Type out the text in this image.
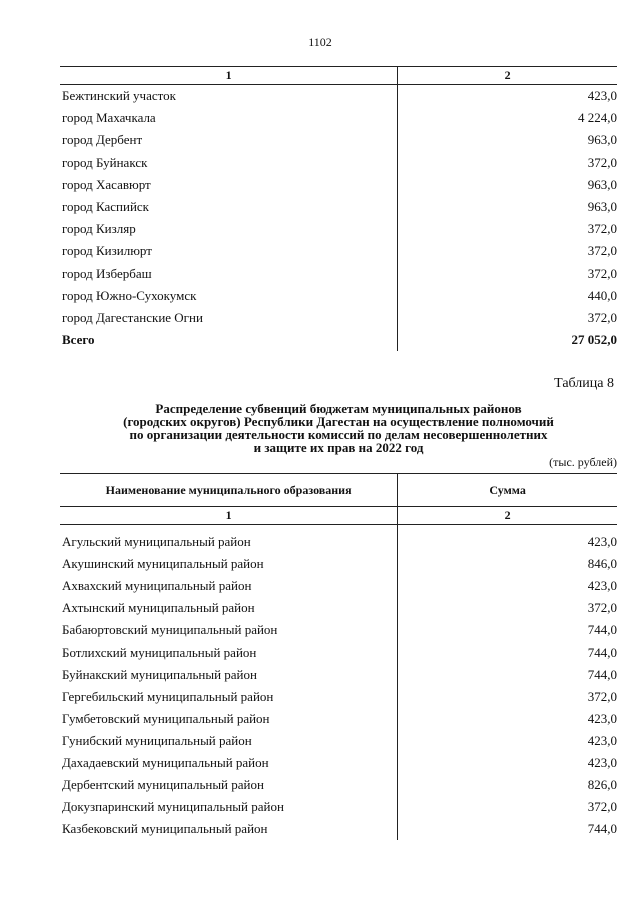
1102
1	2
Бежтинский участок	423,0
город Махачкала	4 224,0
город Дербент	963,0
город Буйнакск	372,0
город Хасавюрт	963,0
город Каспийск	963,0
город Кизляр	372,0
город Кизилюрт	372,0
город Избербаш	372,0
город Южно-Сухокумск	440,0
город Дагестанские Огни	372,0
Всего	27 052,0
Таблица 8
Распределение субвенций бюджетам муниципальных районов
(городских округов) Республики Дагестан на осуществление полномочий
по организации деятельности комиссий по делам несовершеннолетних
и защите их прав на 2022 год
(тыс. рублей)
Наименование муниципального образования	Сумма
1	2

Агульский муниципальный район	423,0
Акушинский муниципальный район	846,0
Ахвахский муниципальный район	423,0
Ахтынский муниципальный район	372,0
Бабаюртовский муниципальный район	744,0
Ботлихский муниципальный район	744,0
Буйнакский муниципальный район	744,0
Гергебильский муниципальный район	372,0
Гумбетовский муниципальный район	423,0
Гунибский муниципальный район	423,0
Дахадаевский муниципальный район	423,0
Дербентский муниципальный район	826,0
Докузпаринский муниципальный район	372,0
Казбековский муниципальный район	744,0
